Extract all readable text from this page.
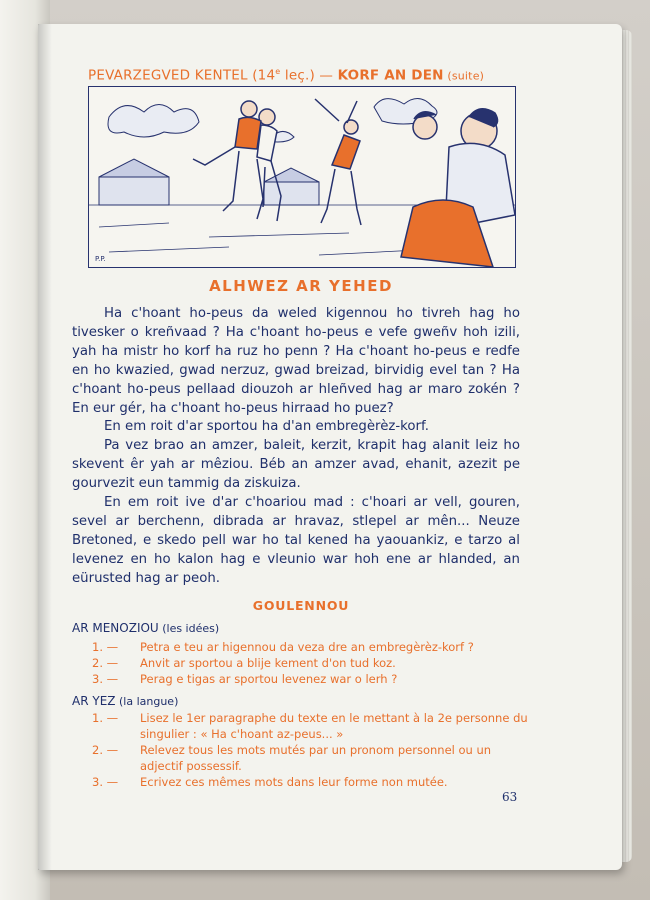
PEVARZEGVED KENTEL (14e leç.) — KORF AN DEN (suite)
P.P.
ALHWEZ AR YEHED

Ha c'hoant ho-peus da weled kigennou ho tivreh hag ho tivesker o kreñvaad ? Ha c'hoant ho-peus e vefe gweñv hoh izili, yah ha mistr ho korf ha ruz ho penn ? Ha c'hoant ho-peus e redfe en ho kwazied, gwad nerzuz, gwad breizad, birvidig evel tan ? Ha c'hoant ho-peus pellaad diouzoh ar hleñved hag ar maro zokén ? En eur gér, ha c'hoant ho-peus hirraad ho puez?

En em roit d'ar sportou ha d'an embregèrèz-korf.

Pa vez brao an amzer, baleit, kerzit, krapit hag alanit leiz ho skevent êr yah ar mêziou. Béb an amzer avad, ehanit, azezit pe gourvezit eun tammig da ziskuiza.

En em roit ive d'ar c'hoariou mad : c'hoari ar vell, gouren, sevel ar berchenn, dibrada ar hravaz, stlepel ar mên... Neuze Bretoned, e skedo pell war ho tal kened ha yaouankiz, e tarzo al levenez en ho kalon hag e vleunio war hoh ene ar hlanded, an eürusted hag ar peoh.

GOULENNOU
AR MENOZIOU (les idées)
1. — Petra e teu ar higennou da veza dre an embregèrèz-korf ?
2. — Anvit ar sportou a blije kement d'on tud koz.
3. — Perag e tigas ar sportou levenez war o lerh ?
AR YEZ (la langue)
1. — Lisez le 1er paragraphe du texte en le mettant à la 2e personne du singulier : « Ha c'hoant az-peus... »
2. — Relevez tous les mots mutés par un pronom personnel ou un adjectif possessif.
3. — Ecrivez ces mêmes mots dans leur forme non mutée.
63
